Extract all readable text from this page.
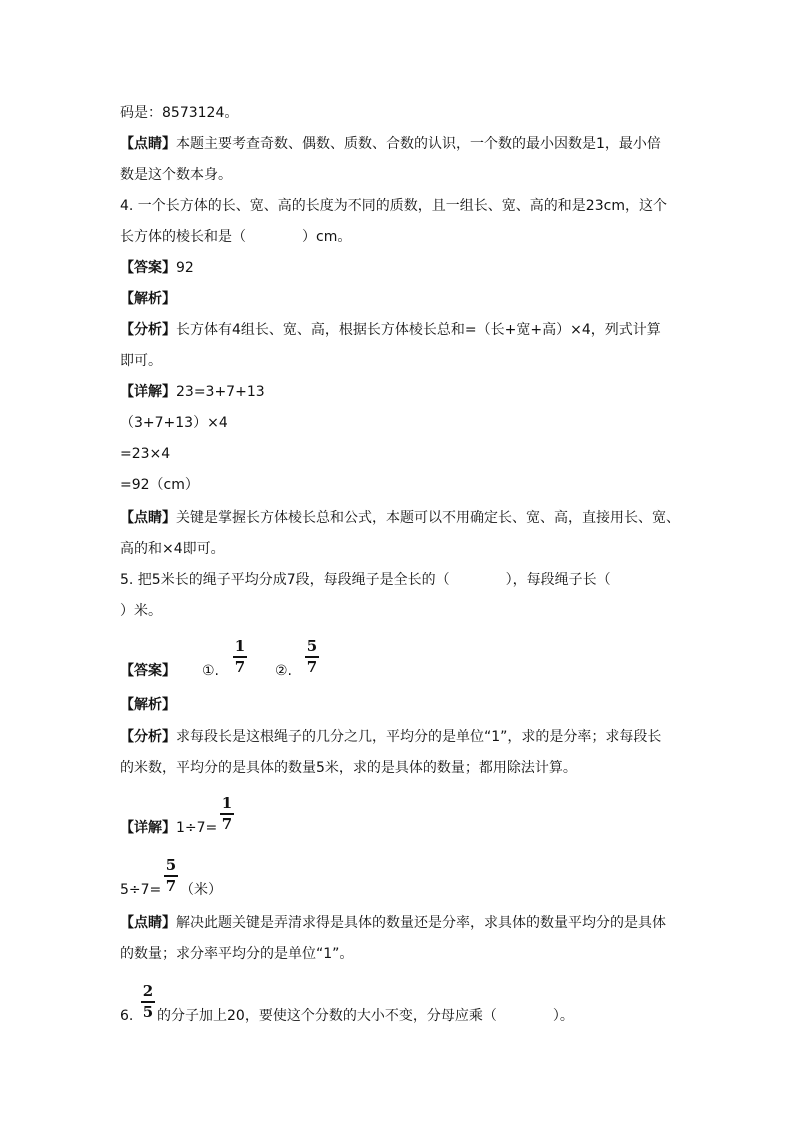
码是：8573124。
【点睛】本题主要考查奇数、偶数、质数、合数的认识，一个数的最小因数是1，最小倍
数是这个数本身。
4. 一个长方体的长、宽、高的长度为不同的质数，且一组长、宽、高的和是23cm，这个
长方体的棱长和是（　　　　）cm。
【答案】92
【解析】
【分析】长方体有4组长、宽、高，根据长方体棱长总和=（长+宽+高）×4，列式计算
即可。
【详解】23=3+7+13
（3+7+13）×4
=23×4
=92（cm）
【点睛】关键是掌握长方体棱长总和公式，本题可以不用确定长、宽、高，直接用长、宽、
高的和×4即可。
5. 把5米长的绳子平均分成7段，每段绳子是全长的（　　　　），每段绳子长（
）米。
【答案】 ①.
1
7 ②.
5
7
【解析】
【分析】求每段长是这根绳子的几分之几，平均分的是单位“1”，求的是分率；求每段长
的米数，平均分的是具体的数量5米，求的是具体的数量；都用除法计算。
【详解】1÷7=
1
7
5÷7=
5
7 （米）
【点睛】解决此题关键是弄清求得是具体的数量还是分率，求具体的数量平均分的是具体
的数量；求分率平均分的是单位“1”。
6.
2
5 的分子加上20，要使这个分数的大小不变，分母应乘（　　　　）。
